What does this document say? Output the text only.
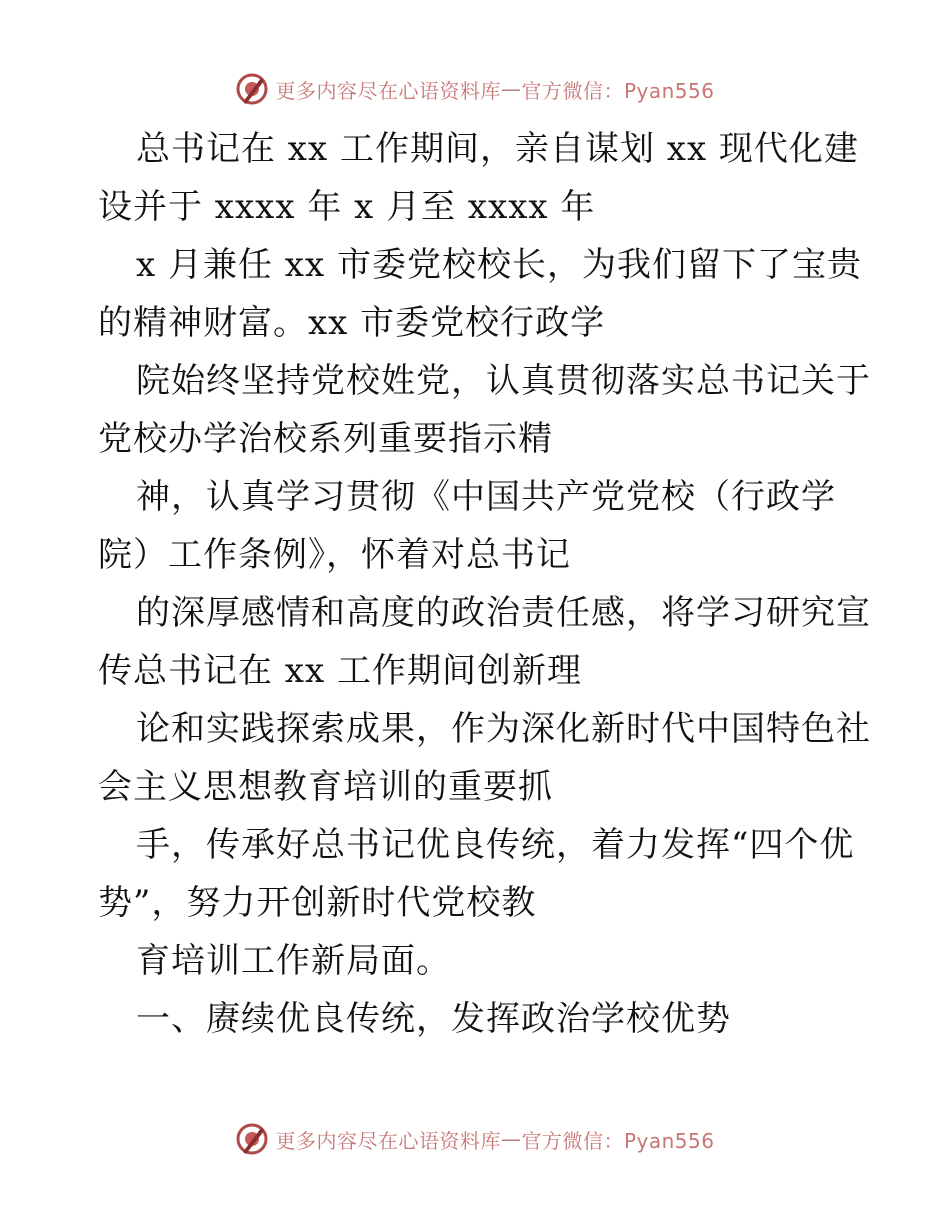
更多内容尽在心语资料库 — 官方微信：Pyan556
总书记在 xx 工作期间，亲自谋划 xx 现代化建
设并于 xxxx 年 x 月至 xxxx 年
x 月兼任 xx 市委党校校长，为我们留下了宝贵
的精神财富。xx 市委党校行政学
院始终坚持党校姓党，认真贯彻落实总书记关于
党校办学治校系列重要指示精
神，认真学习贯彻《中国共产党党校（行政学
院）工作条例》，怀着对总书记
的深厚感情和高度的政治责任感，将学习研究宣
传总书记在 xx 工作期间创新理
论和实践探索成果，作为深化新时代中国特色社
会主义思想教育培训的重要抓
手，传承好总书记优良传统，着力发挥“四个优
势”，努力开创新时代党校教
育培训工作新局面。
一、赓续优良传统，发挥政治学校优势
更多内容尽在心语资料库 — 官方微信：Pyan556
